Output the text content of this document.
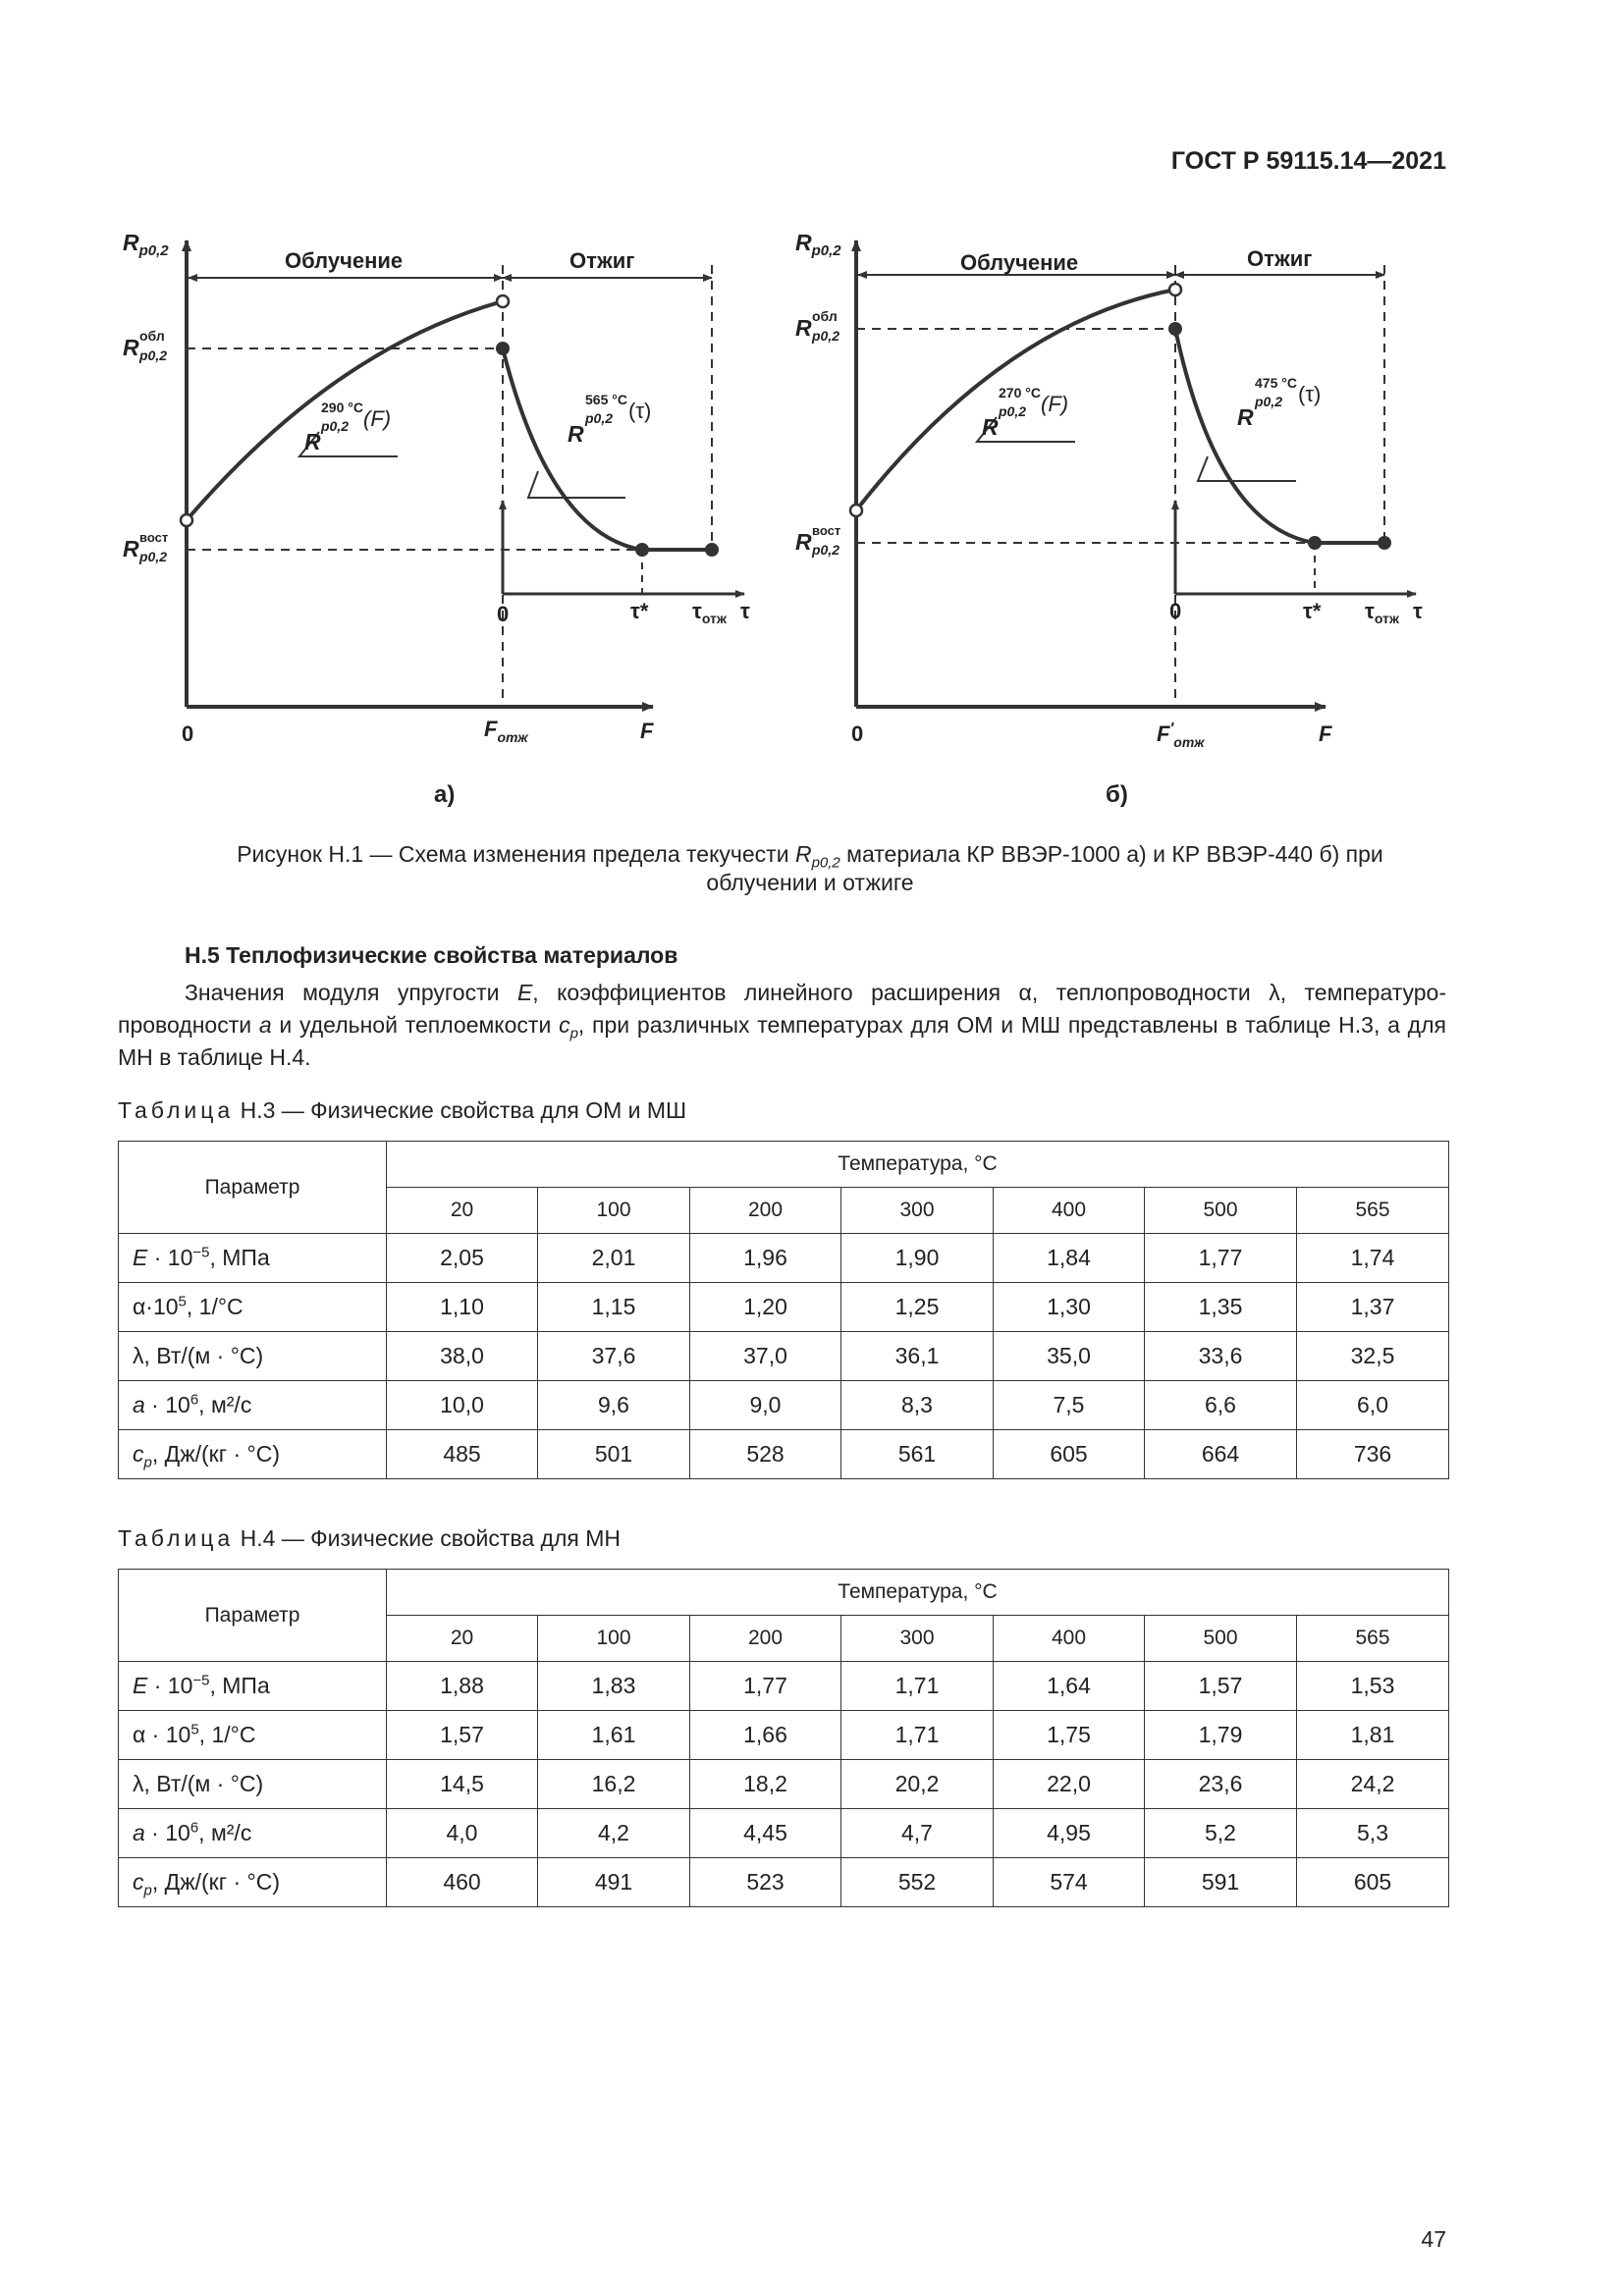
ГОСТ Р 59115.14—2021
$R_{p0,2}$	Облучение	Отжиг
R обл
p0,2
R вост
p0,2
R
290 °С
p0,2 (F)
R
565 °С
p0,2 (τ)
0	$F_{отж}$	F
0	τ* $\tau_{отж}$ τ
а)
$R_{p0,2}$	Облучение	Отжиг
R обл
p0,2
R вост
p0,2
R
270 °С
p0,2 (F)
R
475 °С
p0,2 (τ)
0	$F'_{отж}$	F
0	τ* $\tau_{отж}$ τ
б)
Рисунок Н.1 — Схема изменения предела текучести $R_{p0,2}$ материала КР ВВЭР-1000 а) и КР ВВЭР-440 б) при
облучении и отжиге
Н.5 Теплофизические свойства материалов
Значения модуля упругости E, коэффициентов линейного расширения α, теплопроводности λ, температуро-проводности a и удельной теплоемкости $c_p$, при различных температурах для ОМ и МШ представлены в таблице Н.3, а для МН в таблице Н.4.
Таблица Н.3 — Физические свойства для ОМ и МШ
Параметр	Температура, °С						
	20	100	200	300	400	500	565
$E \cdot 10^{-5}$, МПа	2,05	2,01	1,96	1,90	1,84	1,77	1,74
$\alpha\cdot 10^5$, 1/°С	1,10	1,15	1,20	1,25	1,30	1,35	1,37
λ, Вт/(м · °С)	38,0	37,6	37,0	36,1	35,0	33,6	32,5
$a \cdot 10^6$, м²/с	10,0	9,6	9,0	8,3	7,5	6,6	6,0
$c_p$, Дж/(кг · °С)	485	501	528	561	605	664	736
Таблица Н.4 — Физические свойства для МН
Параметр	Температура, °С						
	20	100	200	300	400	500	565
$E \cdot 10^{-5}$, МПа	1,88	1,83	1,77	1,71	1,64	1,57	1,53
$\alpha \cdot 10^5$, 1/°С	1,57	1,61	1,66	1,71	1,75	1,79	1,81
λ, Вт/(м · °С)	14,5	16,2	18,2	20,2	22,0	23,6	24,2
$a \cdot 10^6$, м²/с	4,0	4,2	4,45	4,7	4,95	5,2	5,3
$c_p$, Дж/(кг · °С)	460	491	523	552	574	591	605
47
